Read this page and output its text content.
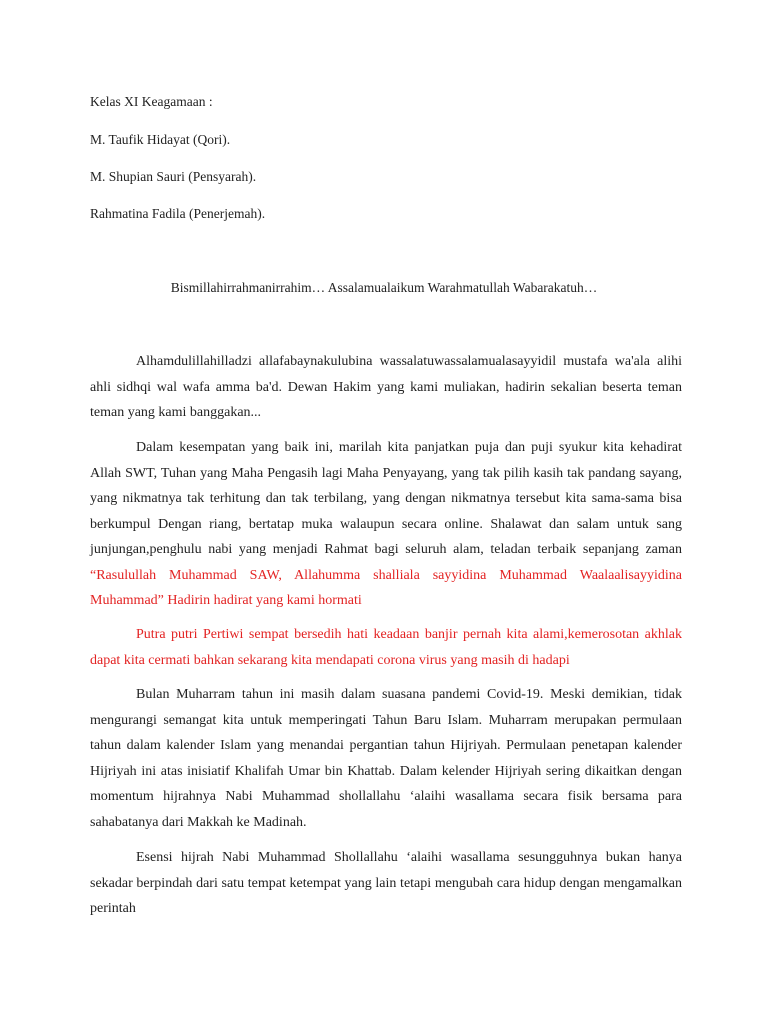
Kelas XI Keagamaan :
M. Taufik Hidayat (Qori).
M. Shupian Sauri (Pensyarah).
Rahmatina Fadila (Penerjemah).
Bismillahirrahmanirrahim… Assalamualaikum Warahmatullah Wabarakatuh…

Alhamdulillahilladzi allafabaynakulubina wassalatuwassalamualasayyidil mustafa wa'ala alihi ahli sidhqi wal wafa amma ba'd. Dewan Hakim yang kami muliakan, hadirin sekalian beserta teman teman yang kami banggakan...

Dalam kesempatan yang baik ini, marilah kita panjatkan puja dan puji syukur kita kehadirat Allah SWT, Tuhan yang Maha Pengasih lagi Maha Penyayang, yang tak pilih kasih tak pandang sayang, yang nikmatnya tak terhitung dan tak terbilang, yang dengan nikmatnya tersebut kita sama-sama bisa berkumpul Dengan riang, bertatap muka walaupun secara online. Shalawat dan salam untuk sang junjungan,penghulu nabi yang menjadi Rahmat bagi seluruh alam, teladan terbaik sepanjang zaman “Rasulullah Muhammad SAW, Allahumma shalliala sayyidina Muhammad Waalaalisayyidina Muhammad” Hadirin hadirat yang kami hormati

Putra putri Pertiwi sempat bersedih hati keadaan banjir pernah kita alami,kemerosotan akhlak dapat kita cermati bahkan sekarang kita mendapati corona virus yang masih di hadapi

Bulan Muharram tahun ini masih dalam suasana pandemi Covid-19. Meski demikian, tidak mengurangi semangat kita untuk memperingati Tahun Baru Islam. Muharram merupakan permulaan tahun dalam kalender Islam yang menandai pergantian tahun Hijriyah. Permulaan penetapan kalender Hijriyah ini atas inisiatif Khalifah Umar bin Khattab. Dalam kelender Hijriyah sering dikaitkan dengan momentum hijrahnya Nabi Muhammad shollallahu ‘alaihi wasallama secara fisik bersama para sahabatanya dari Makkah ke Madinah.

Esensi hijrah Nabi Muhammad Shollallahu ‘alaihi wasallama sesungguhnya bukan hanya sekadar berpindah dari satu tempat ketempat yang lain tetapi mengubah cara hidup dengan mengamalkan perintah
